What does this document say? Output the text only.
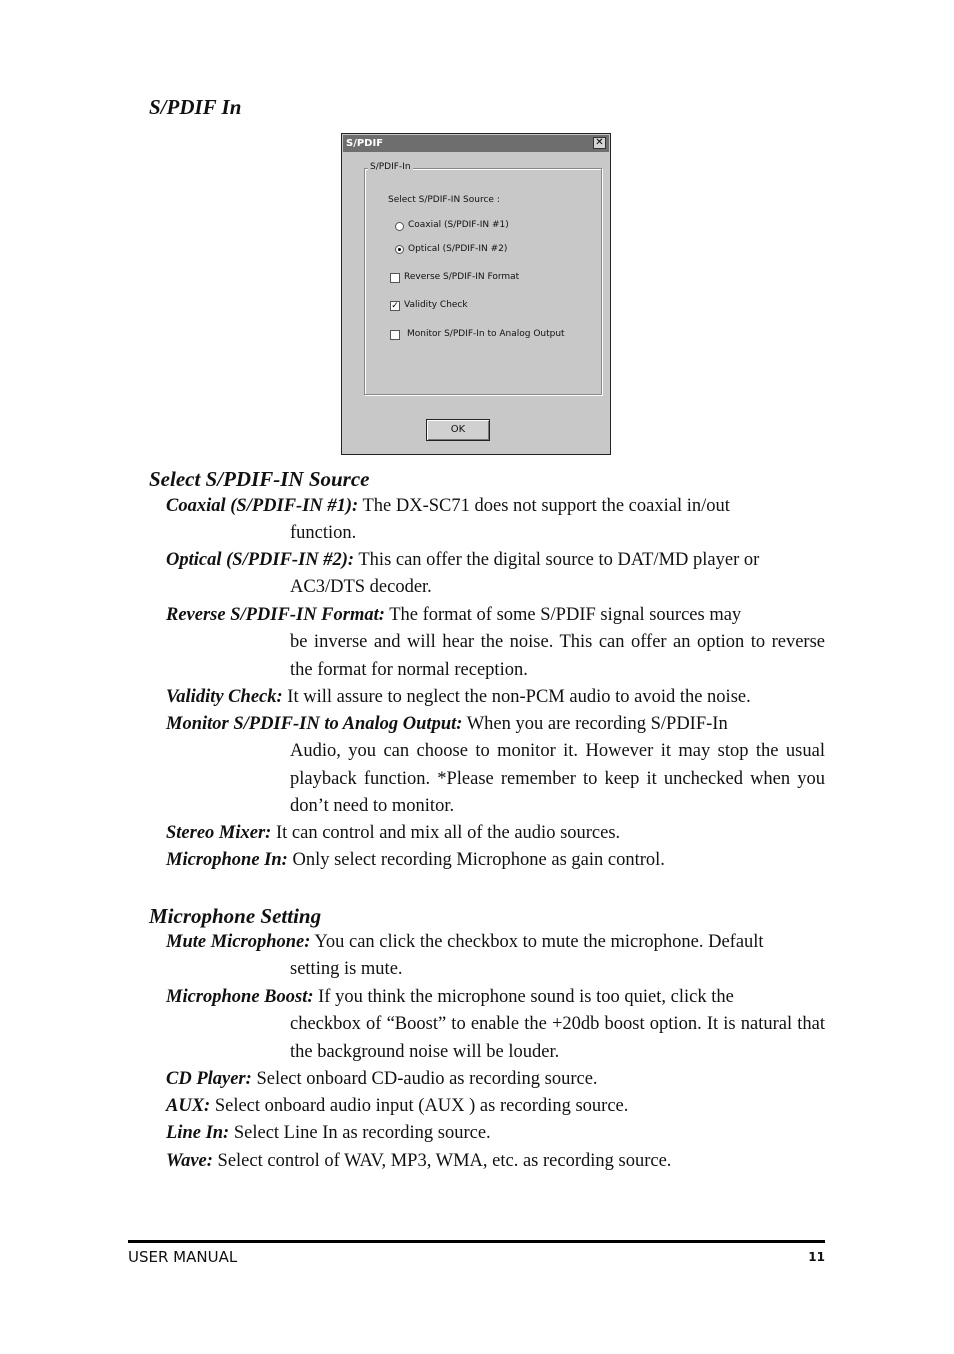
S/PDIF In
S/PDIF	✕
S/PDIF-In
Select S/PDIF-IN Source :
Coaxial (S/PDIF-IN #1)
Optical (S/PDIF-IN #2)
Reverse S/PDIF-IN Format
✓ Validity Check
Monitor S/PDIF-In to Analog Output
OK
Select S/PDIF-IN Source

Coaxial (S/PDIF-IN #1): The DX-SC71 does not support the coaxial in/out
function.

Optical (S/PDIF-IN #2): This can offer the digital source to DAT/MD player or
AC3/DTS decoder.

Reverse S/PDIF-IN Format: The format of some S/PDIF signal sources may
be inverse and will hear the noise. This can offer an option to reverse the format for normal reception.

Validity Check: It will assure to neglect the non-PCM audio to avoid the noise.

Monitor S/PDIF-IN to Analog Output: When you are recording S/PDIF-In
Audio, you can choose to monitor it. However it may stop the usual playback function. *Please remember to keep it unchecked when you don’t need to monitor.

Stereo Mixer: It can control and mix all of the audio sources.

Microphone In: Only select recording Microphone as gain control.

Microphone Setting

Mute Microphone: You can click the checkbox to mute the microphone. Default
setting is mute.

Microphone Boost: If you think the microphone sound is too quiet, click the
checkbox of “Boost” to enable the +20db boost option. It is natural that the background noise will be louder.

CD Player: Select onboard CD-audio as recording source.

AUX: Select onboard audio input (AUX ) as recording source.

Line In: Select Line In as recording source.

Wave: Select control of WAV, MP3, WMA, etc. as recording source.

USER MANUAL	11
